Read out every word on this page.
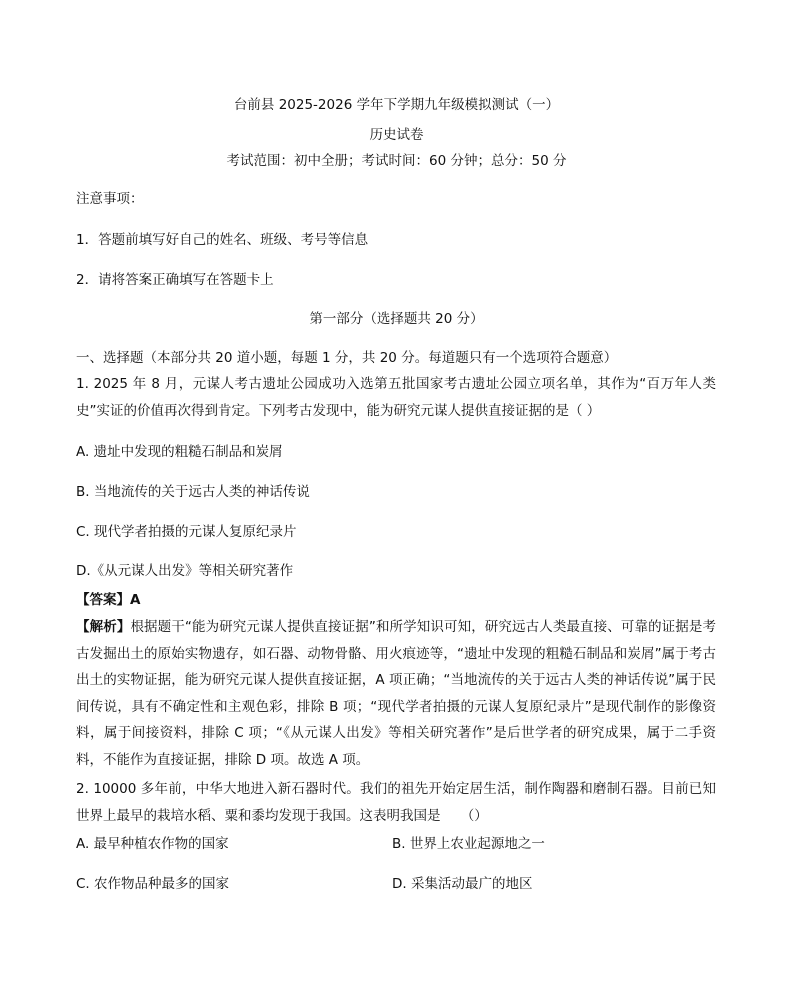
台前县 2025-2026 学年下学期九年级模拟测试（一）
历史试卷
考试范围：初中全册；考试时间：60 分钟；总分：50 分
注意事项：
1．答题前填写好自己的姓名、班级、考号等信息
2．请将答案正确填写在答题卡上
第一部分（选择题共 20 分）
一、选择题（本部分共 20 道小题，每题 1 分，共 20 分。每道题只有一个选项符合题意）
1. 2025 年 8 月，元谋人考古遗址公园成功入选第五批国家考古遗址公园立项名单，其作为“百万年人类史”实证的价值再次得到肯定。下列考古发现中，能为研究元谋人提供直接证据的是（ ）
A. 遗址中发现的粗糙石制品和炭屑
B. 当地流传的关于远古人类的神话传说
C. 现代学者拍摄的元谋人复原纪录片
D.《从元谋人出发》等相关研究著作
【答案】A
【解析】根据题干“能为研究元谋人提供直接证据”和所学知识可知，研究远古人类最直接、可靠的证据是考古发掘出土的原始实物遗存，如石器、动物骨骼、用火痕迹等，“遗址中发现的粗糙石制品和炭屑”属于考古出土的实物证据，能为研究元谋人提供直接证据，A 项正确；“当地流传的关于远古人类的神话传说”属于民间传说，具有不确定性和主观色彩，排除 B 项；“现代学者拍摄的元谋人复原纪录片”是现代制作的影像资料，属于间接资料，排除 C 项；“《从元谋人出发》等相关研究著作”是后世学者的研究成果，属于二手资料，不能作为直接证据，排除 D 项。故选 A 项。
2. 10000 多年前，中华大地进入新石器时代。我们的祖先开始定居生活，制作陶器和磨制石器。目前已知世界上最早的栽培水稻、粟和黍均发现于我国。这表明我国是　　（）
A. 最早种植农作物的国家	B. 世界上农业起源地之一
C. 农作物品种最多的国家	D. 采集活动最广的地区
